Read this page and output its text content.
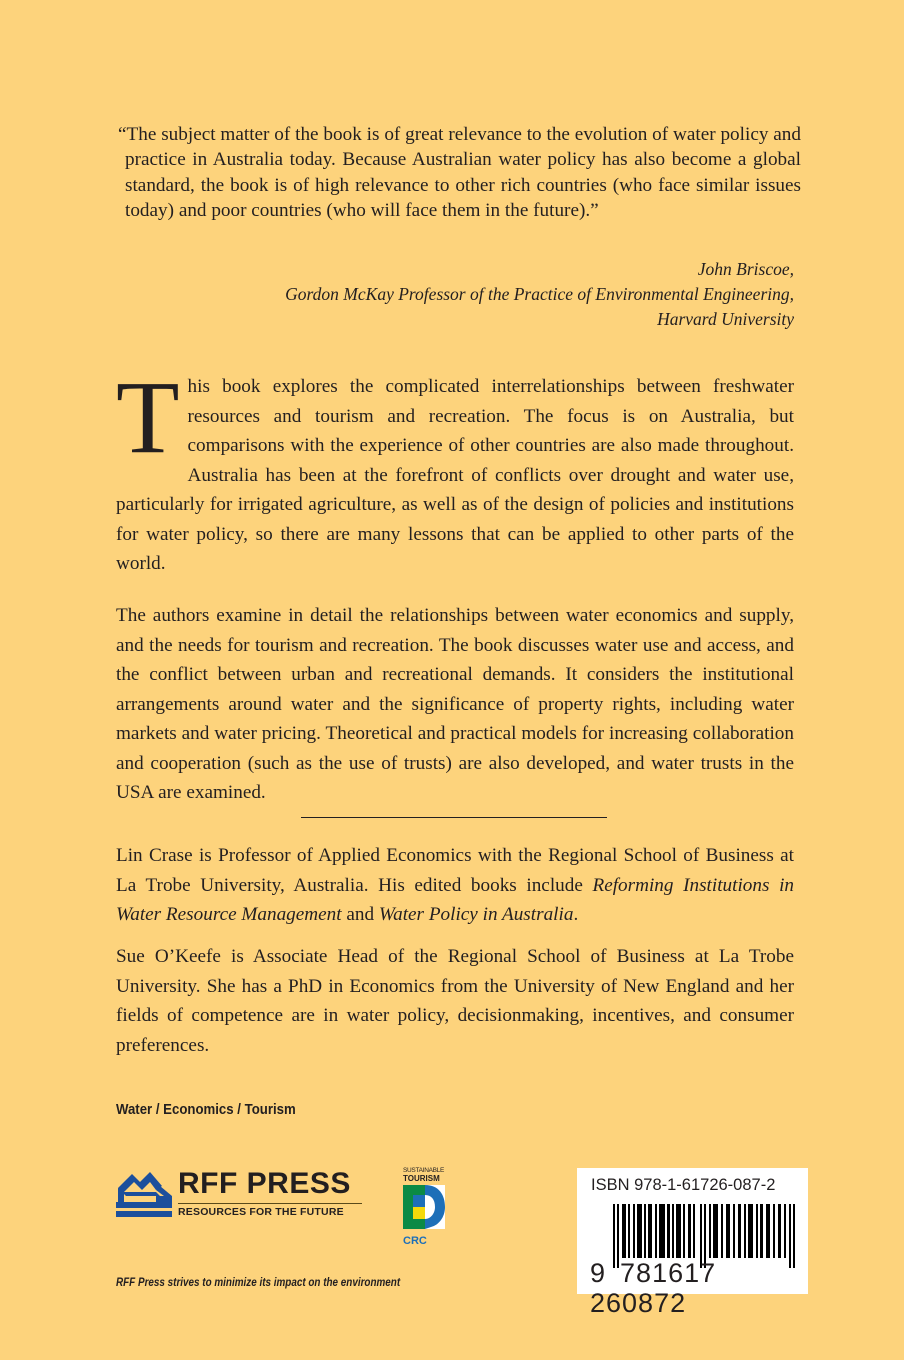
“The subject matter of the book is of great relevance to the evolution of water policy and practice in Australia today. Because Australian water policy has also become a global standard, the book is of high relevance to other rich countries (who face similar issues today) and poor countries (who will face them in the future).”

John Briscoe,
Gordon McKay Professor of the Practice of Environmental Engineering,
Harvard University

This book explores the complicated interrelationships between freshwater resources and tourism and recreation. The focus is on Australia, but comparisons with the experience of other countries are also made throughout. Australia has been at the forefront of conflicts over drought and water use, particularly for irrigated agriculture, as well as of the design of policies and institutions for water policy, so there are many lessons that can be applied to other parts of the world.

The authors examine in detail the relationships between water economics and supply, and the needs for tourism and recreation. The book discusses water use and access, and the conflict between urban and recreational demands. It considers the institutional arrangements around water and the significance of property rights, including water markets and water pricing. Theoretical and practical models for increasing collaboration and cooperation (such as the use of trusts) are also developed, and water trusts in the USA are examined.

Lin Crase is Professor of Applied Economics with the Regional School of Business at La Trobe University, Australia. His edited books include Reforming Institutions in Water Resource Management and Water Policy in Australia.

Sue O’Keefe is Associate Head of the Regional School of Business at La Trobe University. She has a PhD in Economics from the University of New England and her fields of competence are in water policy, decisionmaking, incentives, and consumer preferences.

Water / Economics / Tourism
RFF PRESS
RESOURCES FOR THE FUTURE
SUSTAINABLE
TOURISM
CRC
ISBN 978-1-61726-087-2
9 781617 260872
RFF Press strives to minimize its impact on the environment
